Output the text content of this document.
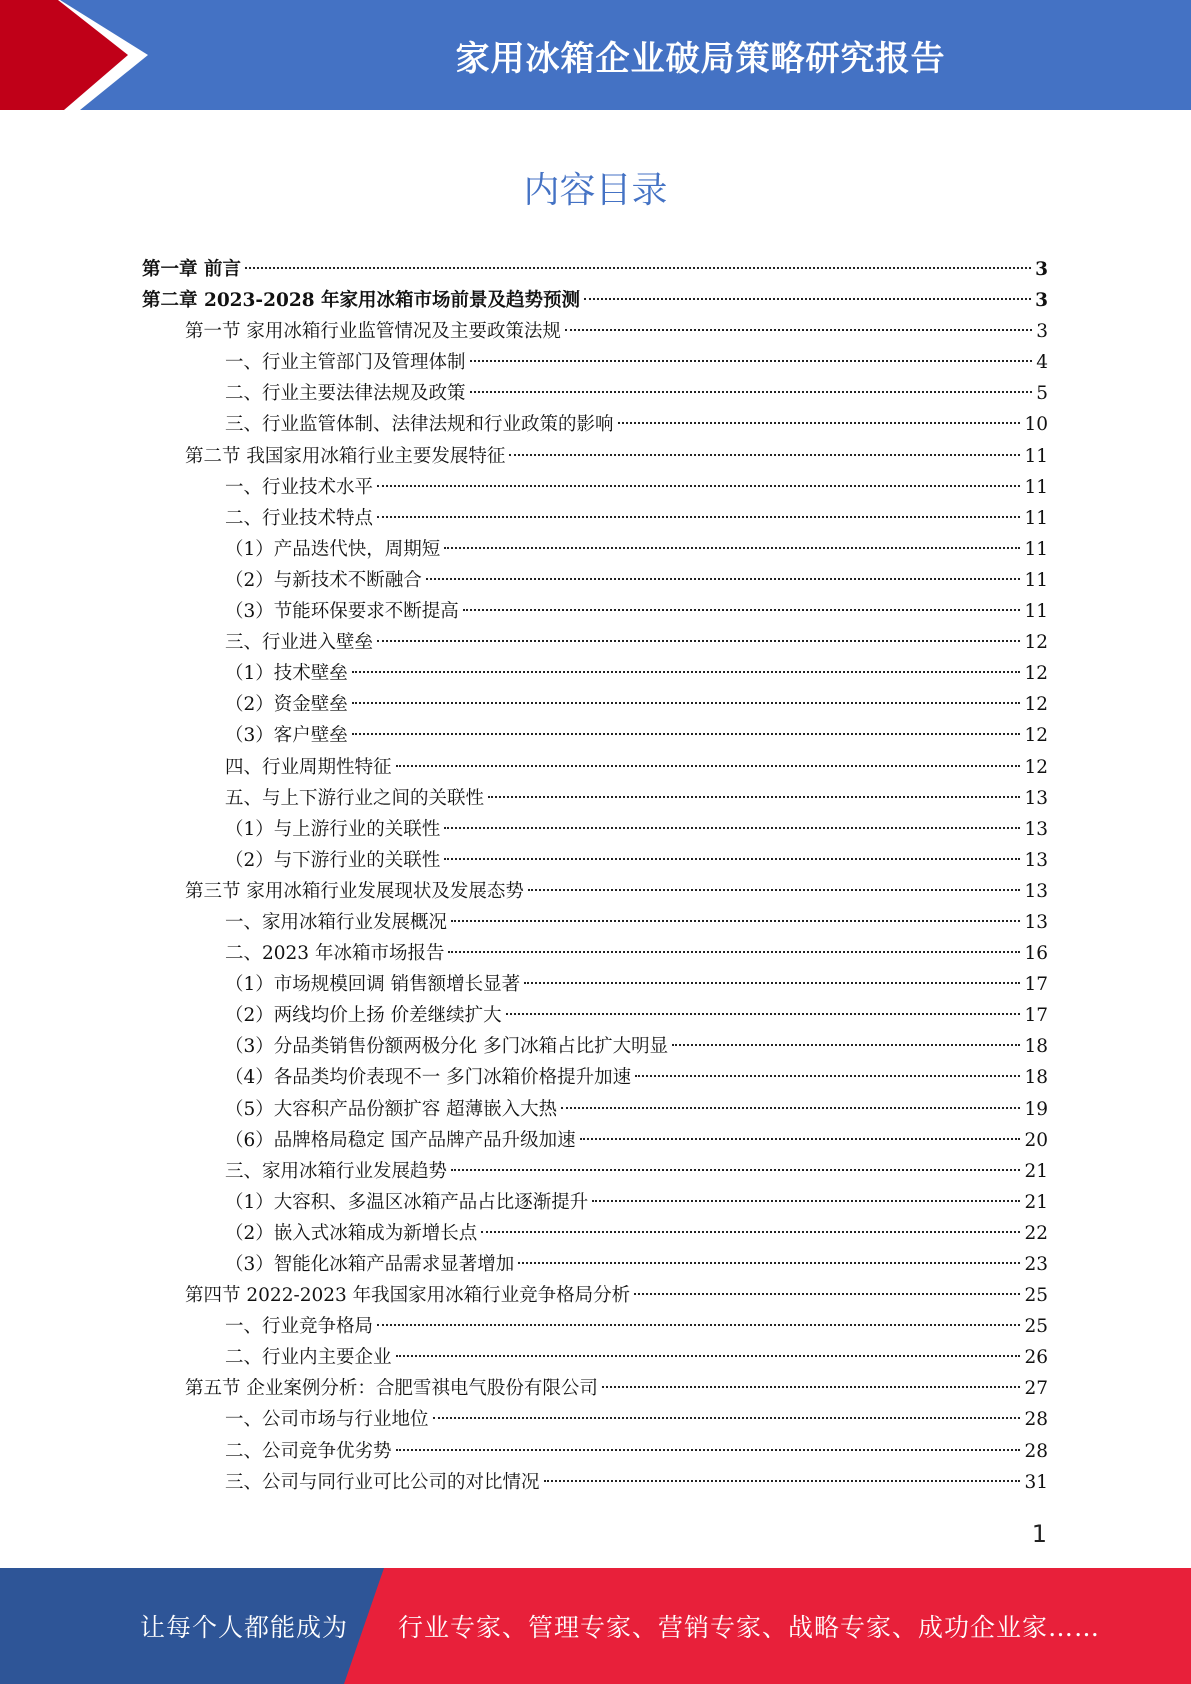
家用冰箱企业破局策略研究报告
内容目录
第一章 前言	3
第二章 2023-2028 年家用冰箱市场前景及趋势预测	3
第一节 家用冰箱行业监管情况及主要政策法规	3
一、行业主管部门及管理体制	4
二、行业主要法律法规及政策	5
三、行业监管体制、法律法规和行业政策的影响	10
第二节 我国家用冰箱行业主要发展特征	11
一、行业技术水平	11
二、行业技术特点	11
（1）产品迭代快，周期短	11
（2）与新技术不断融合	11
（3）节能环保要求不断提高	11
三、行业进入壁垒	12
（1）技术壁垒	12
（2）资金壁垒	12
（3）客户壁垒	12
四、行业周期性特征	12
五、与上下游行业之间的关联性	13
（1）与上游行业的关联性	13
（2）与下游行业的关联性	13
第三节 家用冰箱行业发展现状及发展态势	13
一、家用冰箱行业发展概况	13
二、2023 年冰箱市场报告	16
（1）市场规模回调 销售额增长显著	17
（2）两线均价上扬 价差继续扩大	17
（3）分品类销售份额两极分化 多门冰箱占比扩大明显	18
（4）各品类均价表现不一 多门冰箱价格提升加速	18
（5）大容积产品份额扩容 超薄嵌入大热	19
（6）品牌格局稳定 国产品牌产品升级加速	20
三、家用冰箱行业发展趋势	21
（1）大容积、多温区冰箱产品占比逐渐提升	21
（2）嵌入式冰箱成为新增长点	22
（3）智能化冰箱产品需求显著增加	23
第四节 2022-2023 年我国家用冰箱行业竞争格局分析	25
一、行业竞争格局	25
二、行业内主要企业	26
第五节 企业案例分析：合肥雪祺电气股份有限公司	27
一、公司市场与行业地位	28
二、公司竞争优劣势	28
三、公司与同行业可比公司的对比情况	31
1
让每个人都能成为 行业专家、管理专家、营销专家、战略专家、成功企业家……
